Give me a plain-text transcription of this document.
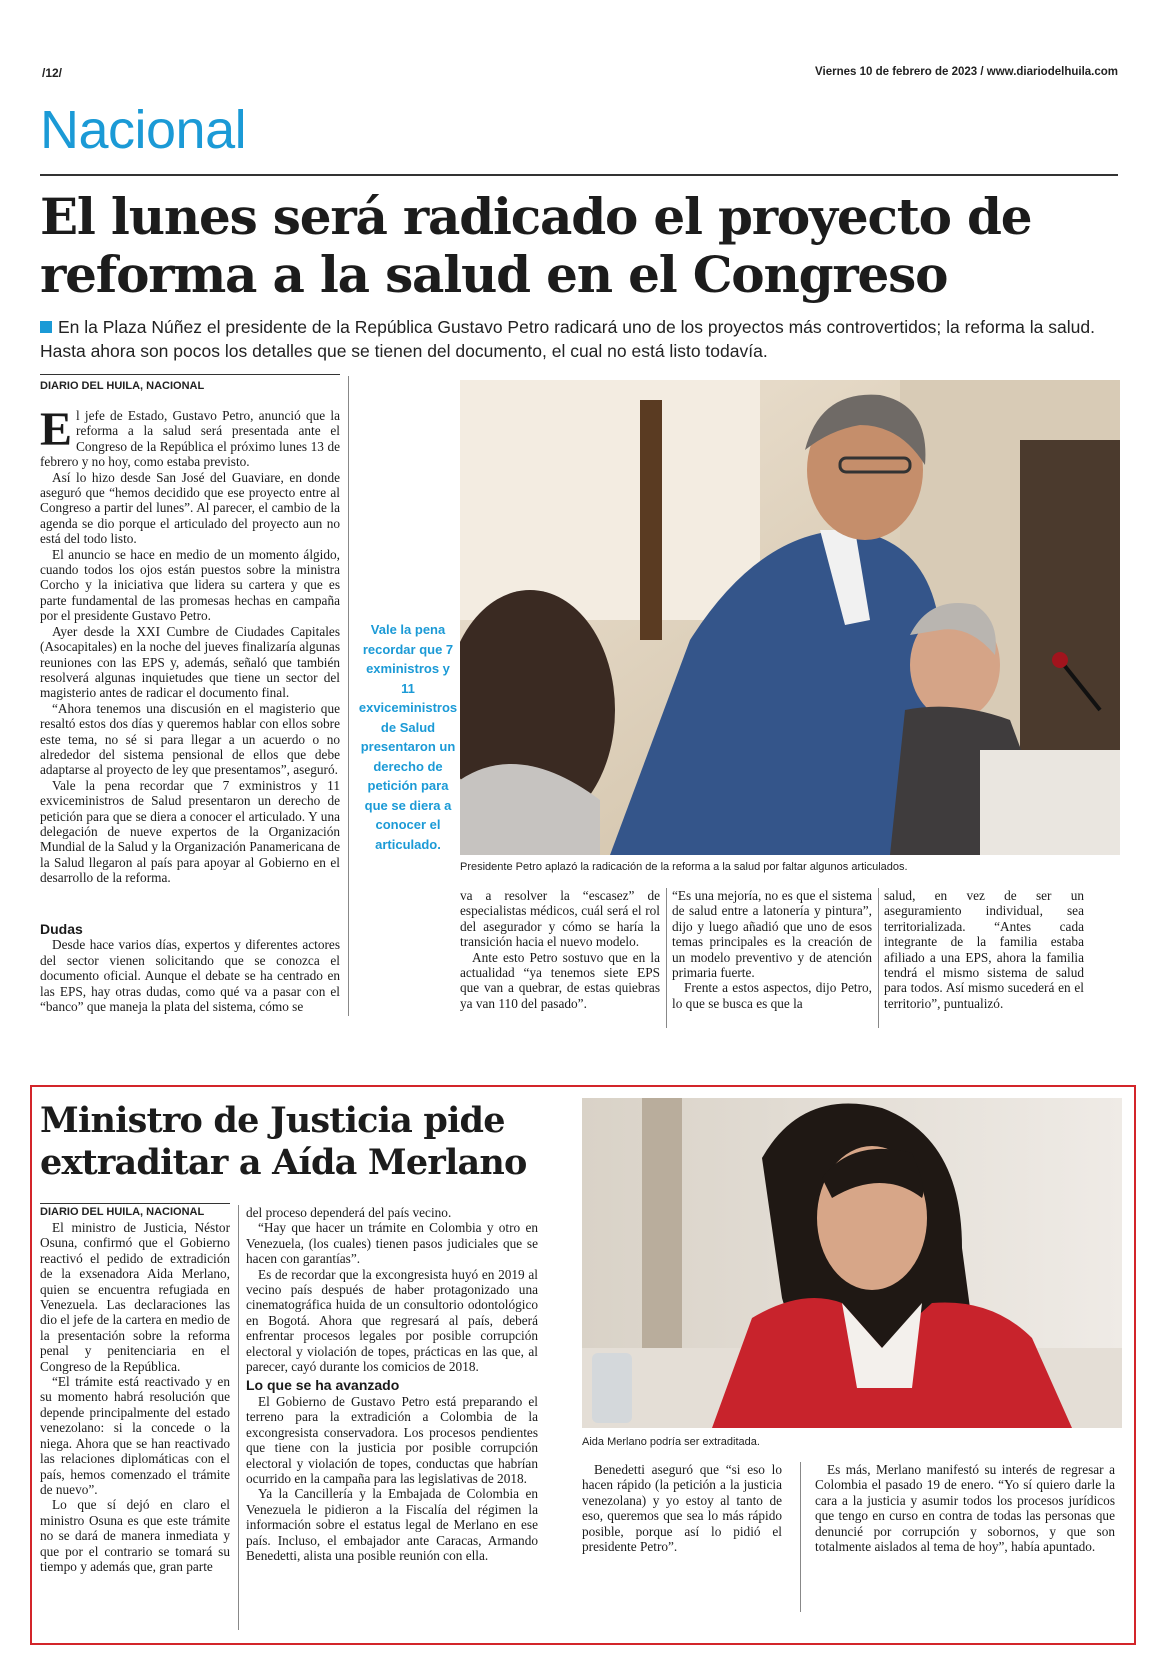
/12/	Viernes 10 de febrero de 2023 / www.diariodelhuila.com
Nacional
El lunes será radicado el proyecto de reforma a la salud en el Congreso
En la Plaza Núñez el presidente de la República Gustavo Petro radicará uno de los proyectos más controvertidos; la reforma la salud. Hasta ahora son pocos los detalles que se tienen del documento, el cual no está listo todavía.
DIARIO DEL HUILA, NACIONAL

El jefe de Estado, Gustavo Petro, anunció que la reforma a la salud será presentada ante el Congreso de la República el próximo lunes 13 de febrero y no hoy, como estaba previsto.

Así lo hizo desde San José del Guaviare, en donde aseguró que “hemos decidido que ese proyecto entre al Congreso a partir del lunes”. Al parecer, el cambio de la agenda se dio porque el articulado del proyecto aun no está del todo listo.

El anuncio se hace en medio de un momento álgido, cuando todos los ojos están puestos sobre la ministra Corcho y la iniciativa que lidera su cartera y que es parte fundamental de las promesas hechas en campaña por el presidente Gustavo Petro.

Ayer desde la XXI Cumbre de Ciudades Capitales (Asocapitales) en la noche del jueves finalizaría algunas reuniones con las EPS y, además, señaló que también resolverá algunas inquietudes que tiene un sector del magisterio antes de radicar el documento final.

“Ahora tenemos una discusión en el magisterio que resaltó estos dos días y queremos hablar con ellos sobre este tema, no sé si para llegar a un acuerdo o no alrededor del sistema pensional de ellos que debe adaptarse al proyecto de ley que presentamos”, aseguró.

Vale la pena recordar que 7 exministros y 11 exviceministros de Salud presentaron un derecho de petición para que se diera a conocer el articulado. Y una delegación de nueve expertos de la Organización Mundial de la Salud y la Organización Panamericana de la Salud llegaron al país para apoyar al Gobierno en el desarrollo de la reforma.

Dudas

Desde hace varios días, expertos y diferentes actores del sector vienen solicitando que se conozca el documento oficial. Aunque el debate se ha centrado en las EPS, hay otras dudas, como qué va a pasar con el “banco” que maneja la plata del sistema, cómo se

Vale la pena recordar que 7 exministros y 11 exviceministros de Salud presentaron un derecho de petición para que se diera a conocer el articulado.
Presidente Petro aplazó la radicación de la reforma a la salud por faltar algunos articulados.

va a resolver la “escasez” de especialistas médicos, cuál será el rol del asegurador y cómo se haría la transición hacia el nuevo modelo.

Ante esto Petro sostuvo que en la actualidad “ya tenemos siete EPS que van a quebrar, de estas quiebras ya van 110 del pasado”.

“Es una mejoría, no es que el sistema de salud entre a latonería y pintura”, dijo y luego añadió que uno de esos temas principales es la creación de un modelo preventivo y de atención primaria fuerte.

Frente a estos aspectos, dijo Petro, lo que se busca es que la

salud, en vez de ser un aseguramiento individual, sea territorializada. “Antes cada integrante de la familia estaba afiliado a una EPS, ahora la familia tendrá el mismo sistema de salud para todos. Así mismo sucederá en el territorio”, puntualizó.

Ministro de Justicia pide extraditar a Aída Merlano
DIARIO DEL HUILA, NACIONAL

El ministro de Justicia, Néstor Osuna, confirmó que el Gobierno reactivó el pedido de extradición de la exsenadora Aida Merlano, quien se encuentra refugiada en Venezuela. Las declaraciones las dio el jefe de la cartera en medio de la presentación sobre la reforma penal y penitenciaria en el Congreso de la República.

“El trámite está reactivado y en su momento habrá resolución que depende principalmente del estado venezolano: si la concede o la niega. Ahora que se han reactivado las relaciones diplomáticas con el país, hemos comenzado el trámite de nuevo”.

Lo que sí dejó en claro el ministro Osuna es que este trámite no se dará de manera inmediata y que por el contrario se tomará su tiempo y además que, gran parte

del proceso dependerá del país vecino.

“Hay que hacer un trámite en Colombia y otro en Venezuela, (los cuales) tienen pasos judiciales que se hacen con garantías”.

Es de recordar que la excongresista huyó en 2019 al vecino país después de haber protagonizado una cinematográfica huida de un consultorio odontológico en Bogotá. Ahora que regresará al país, deberá enfrentar procesos legales por posible corrupción electoral y violación de topes, prácticas en las que, al parecer, cayó durante los comicios de 2018.

Lo que se ha avanzado

El Gobierno de Gustavo Petro está preparando el terreno para la extradición a Colombia de la excongresista conservadora. Los procesos pendientes que tiene con la justicia por posible corrupción electoral y violación de topes, conductas que habrían ocurrido en la campaña para las legislativas de 2018.

Ya la Cancillería y la Embajada de Colombia en Venezuela le pidieron a la Fiscalía del régimen la información sobre el estatus legal de Merlano en ese país. Incluso, el embajador ante Caracas, Armando Benedetti, alista una posible reunión con ella.

Aida Merlano podría ser extraditada.

Benedetti aseguró que “si eso lo hacen rápido (la petición a la justicia venezolana) y yo estoy al tanto de eso, queremos que sea lo más rápido posible, porque así lo pidió el presidente Petro”.

Es más, Merlano manifestó su interés de regresar a Colombia el pasado 19 de enero. “Yo sí quiero darle la cara a la justicia y asumir todos los procesos jurídicos que tengo en curso en contra de todas las personas que denuncié por corrupción y sobornos, y que son totalmente aislados al tema de hoy”, había apuntado.
